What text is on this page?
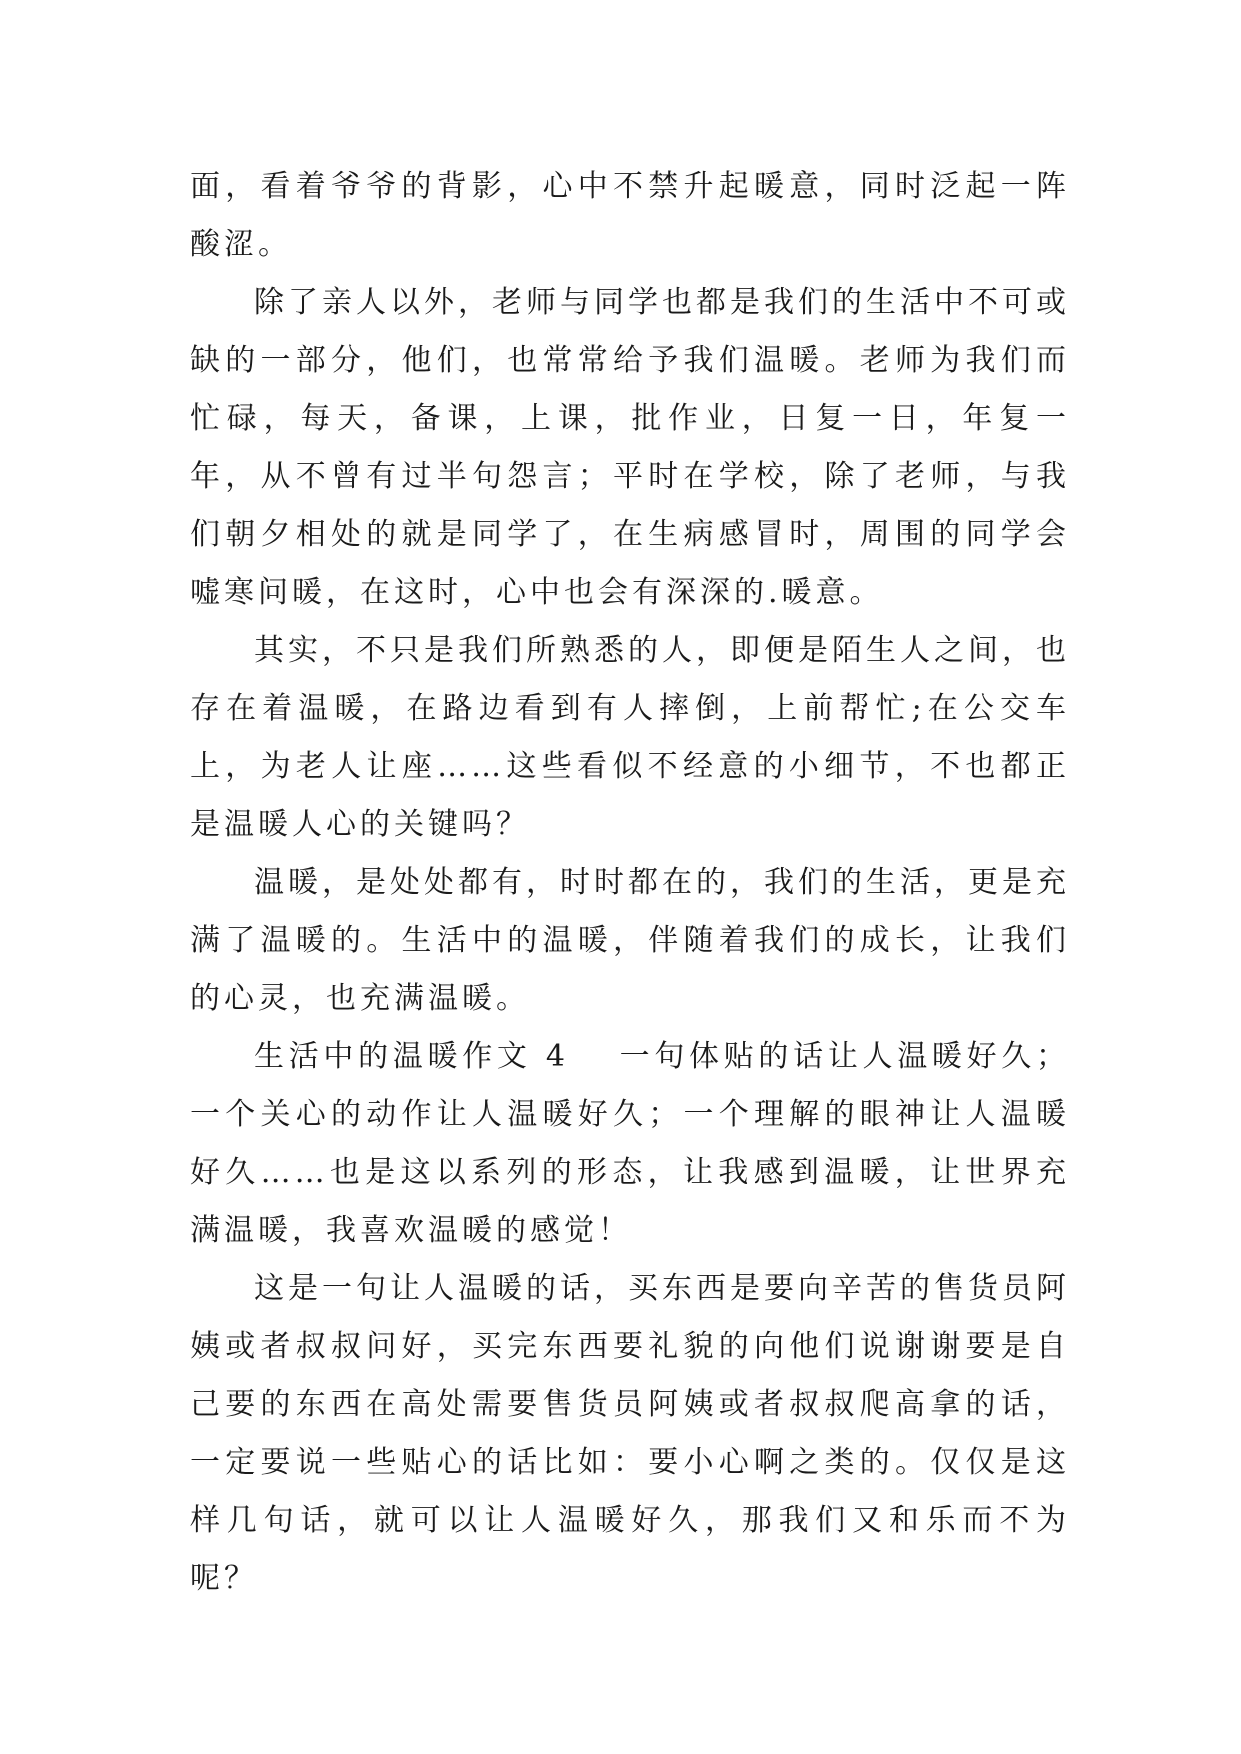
面，看着爷爷的背影，心中不禁升起暖意，同时泛起一阵酸涩。

除了亲人以外，老师与同学也都是我们的生活中不可或缺的一部分，他们，也常常给予我们温暖。老师为我们而忙碌，每天，备课，上课，批作业，日复一日，年复一年，从不曾有过半句怨言；平时在学校，除了老师，与我们朝夕相处的就是同学了，在生病感冒时，周围的同学会嘘寒问暖，在这时，心中也会有深深的.暖意。

其实，不只是我们所熟悉的人，即便是陌生人之间，也存在着温暖，在路边看到有人摔倒，上前帮忙;在公交车上，为老人让座……这些看似不经意的小细节，不也都正是温暖人心的关键吗？

温暖，是处处都有，时时都在的，我们的生活，更是充满了温暖的。生活中的温暖，伴随着我们的成长，让我们的心灵，也充满温暖。

生活中的温暖作文 4 一句体贴的话让人温暖好久；一个关心的动作让人温暖好久；一个理解的眼神让人温暖好久……也是这以系列的形态，让我感到温暖，让世界充满温暖，我喜欢温暖的感觉！

这是一句让人温暖的话，买东西是要向辛苦的售货员阿姨或者叔叔问好，买完东西要礼貌的向他们说谢谢要是自己要的东西在高处需要售货员阿姨或者叔叔爬高拿的话，一定要说一些贴心的话比如：要小心啊之类的。仅仅是这样几句话，就可以让人温暖好久，那我们又和乐而不为呢？
